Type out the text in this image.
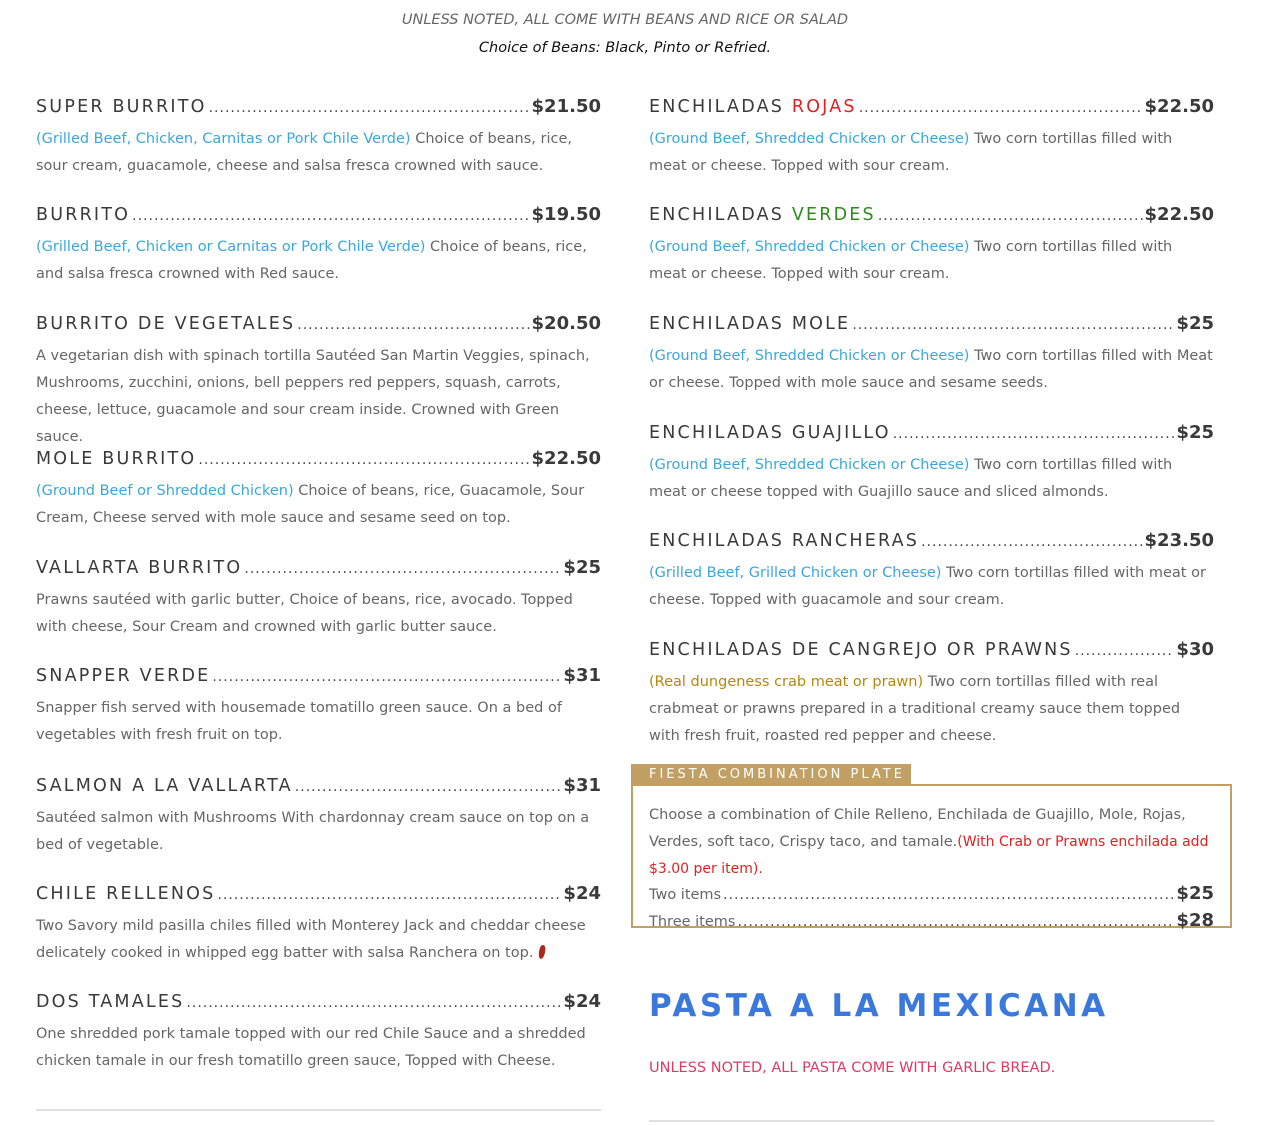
UNLESS NOTED, ALL COME WITH BEANS AND RICE OR SALAD
Choice of Beans: Black, Pinto or Refried.
SUPER BURRITO .....	$21.50
(Grilled Beef, Chicken, Carnitas or Pork Chile Verde) Choice of beans, rice, sour cream, guacamole, cheese and salsa fresca crowned with sauce.
BURRITO .....	$19.50
(Grilled Beef, Chicken or Carnitas or Pork Chile Verde) Choice of beans, rice, and salsa fresca crowned with Red sauce.
BURRITO DE VEGETALES .....	$20.50
A vegetarian dish with spinach tortilla Sautéed San Martin Veggies, spinach, Mushrooms, zucchini, onions, bell peppers red peppers, squash, carrots, cheese, lettuce, guacamole and sour cream inside. Crowned with Green sauce.
MOLE BURRITO .....	$22.50
(Ground Beef or Shredded Chicken) Choice of beans, rice, Guacamole, Sour Cream, Cheese served with mole sauce and sesame seed on top.
VALLARTA BURRITO .....	$25
Prawns sautéed with garlic butter, Choice of beans, rice, avocado. Topped with cheese, Sour Cream and crowned with garlic butter sauce.
SNAPPER VERDE .....	$31
Snapper fish served with housemade tomatillo green sauce. On a bed of vegetables with fresh fruit on top.
SALMON A LA VALLARTA .....	$31
Sautéed salmon with Mushrooms With chardonnay cream sauce on top on a bed of vegetable.
CHILE RELLENOS .....	$24
Two Savory mild pasilla chiles filled with Monterey Jack and cheddar cheese delicately cooked in whipped egg batter with salsa Ranchera on top.
DOS TAMALES .....	$24
One shredded pork tamale topped with our red Chile Sauce and a shredded chicken tamale in our fresh tomatillo green sauce, Topped with Cheese.
ENCHILADAS ROJAS .....	$22.50
(Ground Beef, Shredded Chicken or Cheese) Two corn tortillas filled with meat or cheese. Topped with sour cream.
ENCHILADAS VERDES .....	$22.50
(Ground Beef, Shredded Chicken or Cheese) Two corn tortillas filled with meat or cheese. Topped with sour cream.
ENCHILADAS MOLE .....	$25
(Ground Beef, Shredded Chicken or Cheese) Two corn tortillas filled with Meat or cheese. Topped with mole sauce and sesame seeds.
ENCHILADAS GUAJILLO .....	$25
(Ground Beef, Shredded Chicken or Cheese) Two corn tortillas filled with meat or cheese topped with Guajillo sauce and sliced almonds.
ENCHILADAS RANCHERAS .....	$23.50
(Grilled Beef, Grilled Chicken or Cheese) Two corn tortillas filled with meat or cheese. Topped with guacamole and sour cream.
ENCHILADAS DE CANGREJO OR PRAWNS .....	$30
(Real dungeness crab meat or prawn) Two corn tortillas filled with real crabmeat or prawns prepared in a traditional creamy sauce them topped with fresh fruit, roasted red pepper and cheese.
FIESTA COMBINATION PLATE
Choose a combination of Chile Relleno, Enchilada de Guajillo, Mole, Rojas, Verdes, soft taco, Crispy taco, and tamale.(With Crab or Prawns enchilada add $3.00 per item).
Two items .....	$25
Three items .....	$28
PASTA A LA MEXICANA
UNLESS NOTED, ALL PASTA COME WITH GARLIC BREAD.
